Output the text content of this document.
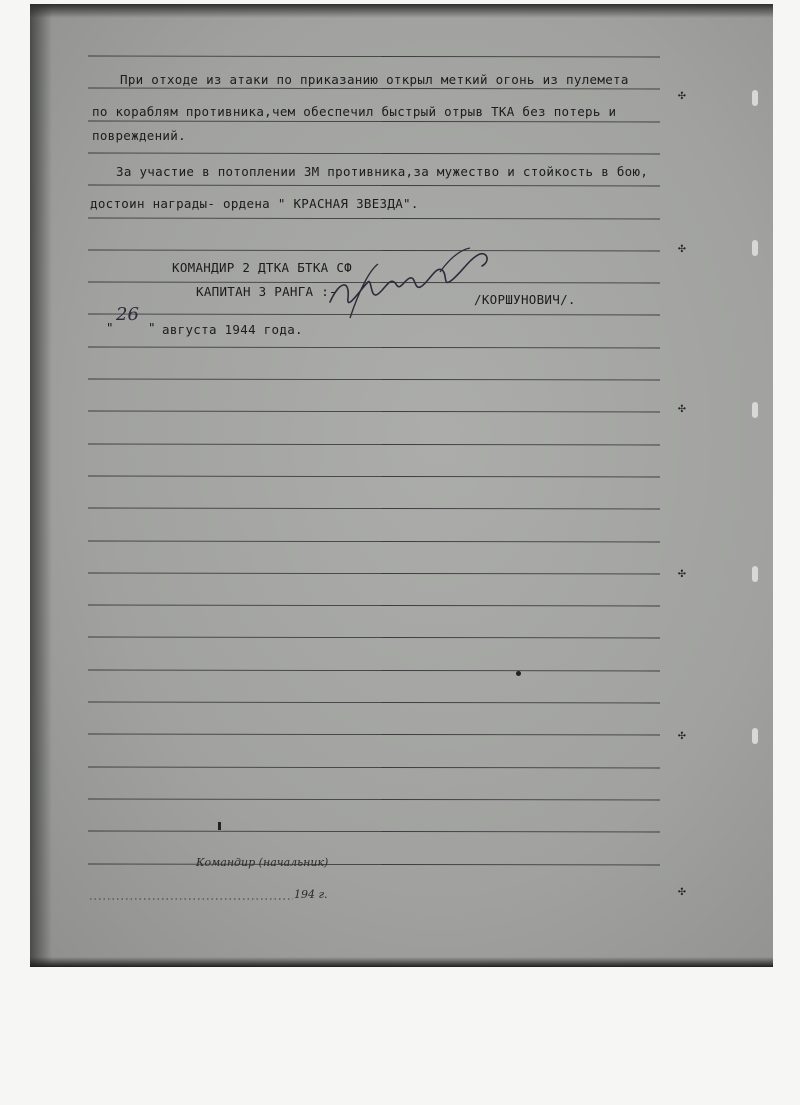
При отходе из атаки по приказанию открыл меткий огонь из пулемета
по кораблям противника,чем обеспечил быстрый отрыв ТКА без потерь и
повреждений.
За участие в потоплении ЗМ противника,за мужество и стойкость в бою,
достоин награды- ордена " КРАСНАЯ ЗВЕЗДА".
КОМАНДИР 2 ДТКА БТКА СФ
КАПИТАН 3 РАНГА :-
/КОРШУНОВИЧ/.
"
26
" августа 1944 года.
Командир (начальник)
194 г.
✣
✣
✣
✣
✣
✣
